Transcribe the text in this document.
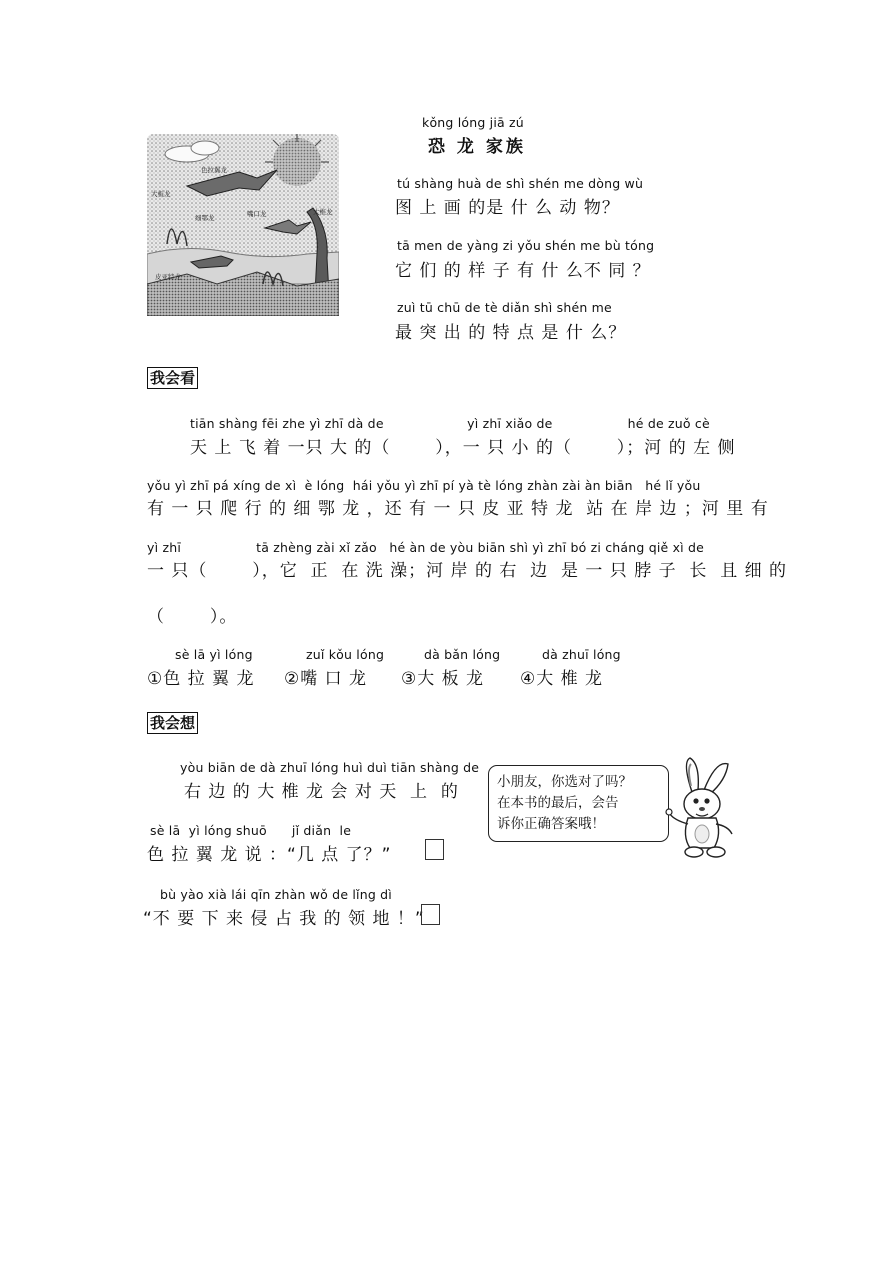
色拉翼龙
大板龙
细鄂龙	嘴口龙	大椎龙
皮亚特龙
kǒng lóng jiā zú
恐 龙 家族
tú shàng huà de shì shén me dòng wù
图 上 画 的是 什 么 动 物？
tā men de yàng zi yǒu shén me bù tóng
它 们 的 样 子 有 什 么不 同 ？
zuì tū chū de tè diǎn shì shén me
最 突 出 的 特 点 是 什 么？
我会看
tiān shàng fēi zhe yì zhī dà de                    yì zhī xiǎo de                  hé de zuǒ cè
天 上 飞 着 一只 大 的（       ），一 只 小 的（       ）；河 的 左 侧
yǒu yì zhī pá xíng de xì  è lóng  hái yǒu yì zhī pí yà tè lóng zhàn zài àn biān   hé lǐ yǒu
有 一 只 爬 行 的 细 鄂 龙 ，还 有 一 只 皮 亚 特 龙  站 在 岸 边 ；河 里 有
yì zhī                  tā zhèng zài xǐ zǎo   hé àn de yòu biān shì yì zhī bó zi cháng qiě xì de
一 只（       ），它  正  在 洗 澡；河 岸 的 右  边  是 一 只 脖 子  长  且 细 的
（       ）。
sè lā yì lóng
①色 拉 翼 龙
zuǐ kǒu lóng
②嘴 口 龙
dà bǎn lóng
③大 板 龙
dà zhuī lóng
④大 椎 龙
我会想
yòu biān de dà zhuī lóng huì duì tiān shàng de
右 边 的 大 椎 龙 会 对 天  上  的
sè lā  yì lóng shuō      jǐ diǎn  le
色 拉 翼 龙 说 ：“几 点 了？”
bù yào xià lái qīn zhàn wǒ de lǐng dì
“不 要 下 来 侵 占 我 的 领 地 ！”
小朋友，你选对了吗？
在本书的最后，会告
诉你正确答案哦！
